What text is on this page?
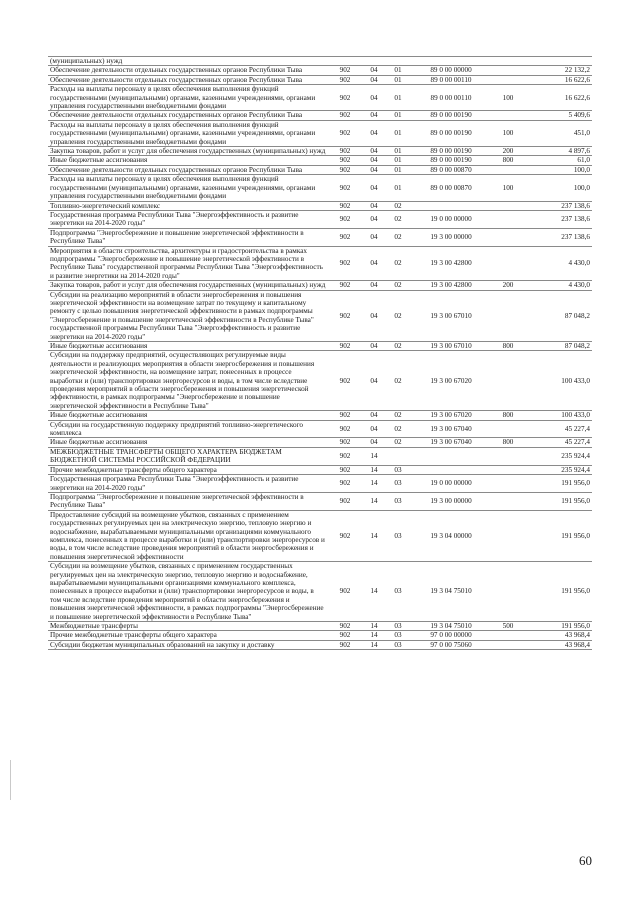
(муниципальных) нужд						
Обеспечение деятельности отдельных государственных органов Республики Тыва	902	04	01	89 0 00 00000		22 132,2
Обеспечение деятельности отдельных государственных органов Республики Тыва	902	04	01	89 0 00 00110		16 622,6
Расходы на выплаты персоналу в целях обеспечения выполнения функций государственными (муниципальными) органами, казенными учреждениями, органами управления государственными внебюджетными фондами	902	04	01	89 0 00 00110	100	16 622,6
Обеспечение деятельности отдельных государственных органов Республики Тыва	902	04	01	89 0 00 00190		5 409,6
Расходы на выплаты персоналу в целях обеспечения выполнения функций государственными (муниципальными) органами, казенными учреждениями, органами управления государственными внебюджетными фондами	902	04	01	89 0 00 00190	100	451,0
Закупка товаров, работ и услуг для обеспечения государственных (муниципальных) нужд	902	04	01	89 0 00 00190	200	4 897,6
Иные бюджетные ассигнования	902	04	01	89 0 00 00190	800	61,0
Обеспечение деятельности отдельных государственных органов Республики Тыва	902	04	01	89 0 00 00870		100,0
Расходы на выплаты персоналу в целях обеспечения выполнения функций государственными (муниципальными) органами, казенными учреждениями, органами управления государственными внебюджетными фондами	902	04	01	89 0 00 00870	100	100,0
Топливно-энергетический комплекс	902	04	02			237 138,6
Государственная программа Республики Тыва "Энергоэффективность и развитие энергетики на 2014-2020 годы"	902	04	02	19 0 00 00000		237 138,6
Подпрограмма "Энергосбережение и повышение энергетической эффективности в Республике Тыва"	902	04	02	19 3 00 00000		237 138,6
Мероприятия в области строительства, архитектуры и градостроительства в рамках подпрограммы "Энергосбережение и повышение энергетической эффективности в Республике Тыва" государственной программы Республики Тыва "Энергоэффективность и развитие энергетики на 2014-2020 годы"	902	04	02	19 3 00 42800		4 430,0
Закупка товаров, работ и услуг для обеспечения государственных (муниципальных) нужд	902	04	02	19 3 00 42800	200	4 430,0
Субсидии на реализацию мероприятий в области энергосбережения и повышения энергетической эффективности на возмещение затрат по текущему и капитальному ремонту с целью повышения энергетической эффективности в рамках подпрограммы "Энергосбережение и повышение энергетической эффективности в Республике Тыва" государственной программы Республики Тыва "Энергоэффективность и развитие энергетики на 2014-2020 годы"	902	04	02	19 3 00 67010		87 048,2
Иные бюджетные ассигнования	902	04	02	19 3 00 67010	800	87 048,2
Субсидии на поддержку предприятий, осуществляющих регулируемые виды деятельности и реализующих мероприятия в области энергосбережения и повышения энергетической эффективности, на возмещение затрат, понесенных в процессе выработки и (или) транспортировки энергоресурсов и воды, в том числе вследствие проведения мероприятий в области энергосбережения и повышения энергетической эффективности, в рамках подпрограммы "Энергосбережение и повышение энергетической эффективности в Республике Тыва"	902	04	02	19 3 00 67020		100 433,0
Иные бюджетные ассигнования	902	04	02	19 3 00 67020	800	100 433,0
Субсидии на государственную поддержку предприятий топливно-энергетического комплекса	902	04	02	19 3 00 67040		45 227,4
Иные бюджетные ассигнования	902	04	02	19 3 00 67040	800	45 227,4
МЕЖБЮДЖЕТНЫЕ ТРАНСФЕРТЫ ОБЩЕГО ХАРАКТЕРА БЮДЖЕТАМ БЮДЖЕТНОЙ СИСТЕМЫ РОССИЙСКОЙ ФЕДЕРАЦИИ	902	14				235 924,4
Прочие межбюджетные трансферты общего характера	902	14	03			235 924,4
Государственная программа Республики Тыва "Энергоэффективность и развитие энергетики на 2014-2020 годы"	902	14	03	19 0 00 00000		191 956,0
Подпрограмма "Энергосбережение и повышение энергетической эффективности в Республике Тыва"	902	14	03	19 3 00 00000		191 956,0
Предоставление субсидий на возмещение убытков, связанных с применением государственных регулируемых цен на электрическую энергию, тепловую энергию и водоснабжение, вырабатываемыми муниципальными организациями коммунального комплекса, понесенных в процессе выработки и (или) транспортировки энергоресурсов и воды, в том числе вследствие проведения мероприятий в области энергосбережения и повышения энергетической эффективности	902	14	03	19 3 04 00000		191 956,0
Субсидии на возмещение убытков, связанных с применением государственных регулируемых цен на электрическую энергию, тепловую энергию и водоснабжение, вырабатываемыми муниципальными организациями коммунального комплекса, понесенных в процессе выработки и (или) транспортировки энергоресурсов и воды, в том числе вследствие проведения мероприятий в области энергосбережения и повышения энергетической эффективности, в рамках подпрограммы "Энергосбережение и повышение энергетической эффективности в Республике Тыва"	902	14	03	19 3 04 75010		191 956,0
Межбюджетные трансферты	902	14	03	19 3 04 75010	500	191 956,0
Прочие межбюджетные трансферты общего характера	902	14	03	97 0 00 00000		43 968,4
Субсидии бюджетам муниципальных образований на закупку и доставку	902	14	03	97 0 00 75060		43 968,4
60
